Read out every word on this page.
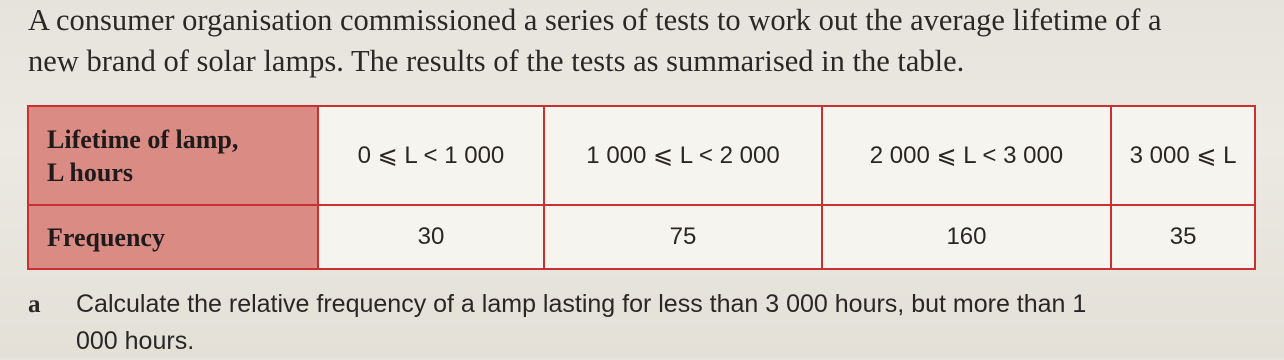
A consumer organisation commissioned a series of tests to work out the average lifetime of a
new brand of solar lamps. The results of the tests as summarised in the table.

Lifetime of lamp,
L hours	0 ⩽ L < 1 000	1 000 ⩽ L < 2 000	2 000 ⩽ L < 3 000	3 000 ⩽ L
Frequency	30	75	160	35
a Calculate the relative frequency of a lamp lasting for less than 3 000 hours, but more than 1
000 hours.
